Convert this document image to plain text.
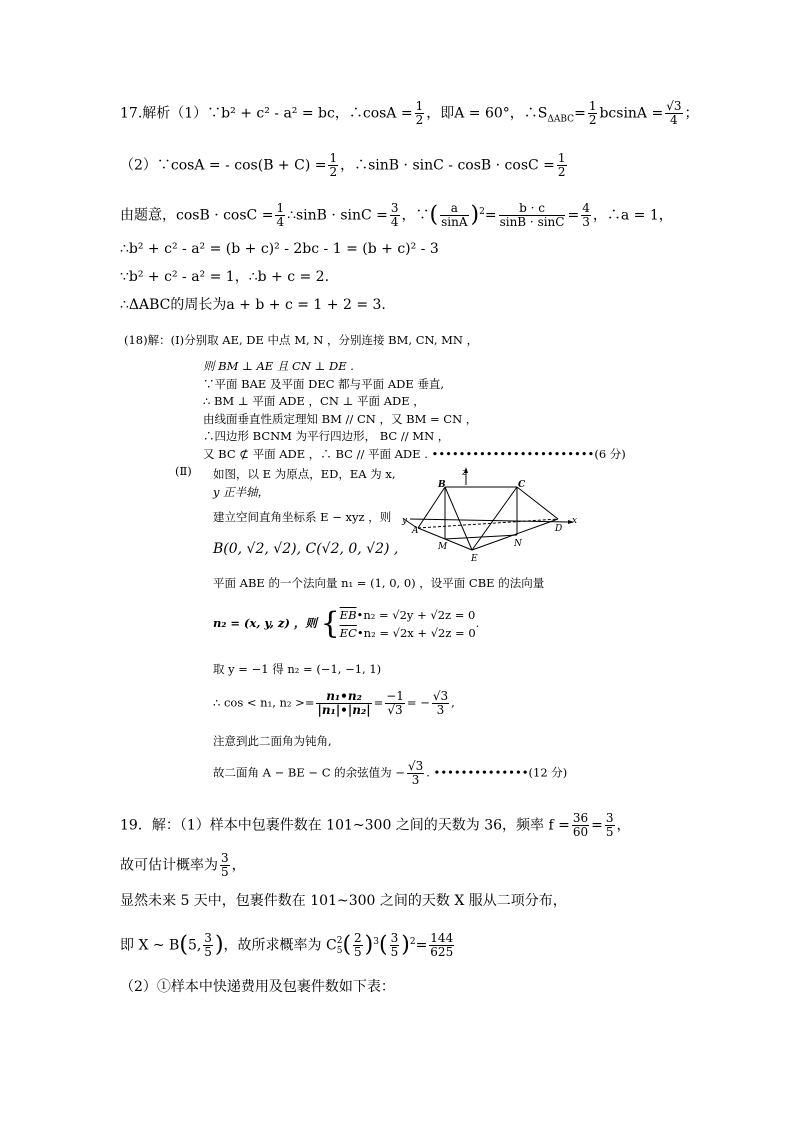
17.解析（1）∵b² + c² - a² = bc，∴cosA = $\frac{1}{2}$ ，即A = 60°，$\therefore S_{\Delta ABC}= \frac{1}{2}$ $bcsinA = \frac{√3}{4}$ ；
（2）∵cosA = - $\cos(B + C) = \frac{1}{2}$ ，∴sinB · $\sin C - \cos B \cdot \cos C = \frac{1}{2}$
由题意，$\cos B \cdot \cos C = \frac{1}{4}$ ∴sinB · $\sin C = \frac{3}{4}$ ，∵( $\frac{a}{\sin A} )^2= \frac{b \cdot c}{\sin B \cdot \sin C} = \frac{4}{3}$ ，∴a = 1，
∴b² + c² - a² = (b + c)² - 2bc - 1 = (b + c)² - 3
∵b² + c² - a² = 1，∴b + c = 2.
∴ΔABC的周长为a + b + c = 1 + 2 = 3.
(18)解：(Ⅰ)分别取 AE, DE 中点 M, N ，分别连接 BM, CN, MN ，
则 BM ⊥ AE 且 CN ⊥ DE .
∵平面 BAE 及平面 DEC 都与平面 ADE 垂直,
∴ BM ⊥ 平面 ADE ，CN ⊥ 平面 ADE ，
由线面垂直性质定理知 BM // CN ，又 BM = CN ，
∴四边形 BCNM 为平行四边形， BC // MN ，
又 BC ⊄ 平面 ADE ，∴ BC // 平面 ADE . ••••••••••••••••••••••••(6 分)
(Ⅱ) 如图，以 E 为原点，ED，EA 为 x,
y 正半轴，
建立空间直角坐标系 E − xyz ，则
B(0, √2, √2), C(√2, 0, √2) ,
平面 ABE 的一个法向量 n₁ = (1, 0, 0) ，设平面 CBE 的法向量
n₂ = (x, y, z) ，则 { $\overline{EB}•n_2 = √2y + √2z = 0$
$\overline{EC}•n_2 = √2x + √2z = 0$
.
取 y = −1 得 n₂ = (−1, −1, 1)
∴ cos < n₁, $n_2 >= \frac{\text{n₁•n₂}}{\text{|n₁|•|n₂|}} = \frac{-1}{√3}$ = − $\frac{√3}{3}$ ,
注意到此二面角为钝角,
故二面角 A − BE − C 的余弦值为 − $\frac{√3}{3}$ . ••••••••••••••(12 分)
z
B	C
y	x
A	D
M	N
E
19．解：（1）样本中包裹件数在 101~300 之间的天数为 36，频率 $f = \frac{36}{60} = \frac{3}{5}$ ，
故可估计概率为 $\frac{3}{5}$ ，
显然未来 5 天中，包裹件数在 101~300 之间的天数 X 服从二项分布，
即 X ~ B(5, $\frac{3}{5}$ )，故所求概率为 C 2
5 ( $\frac{2}{5} )^3( \frac{3}{5} )^2= \frac{144}{625}$
（2）①样本中快递费用及包裹件数如下表：
